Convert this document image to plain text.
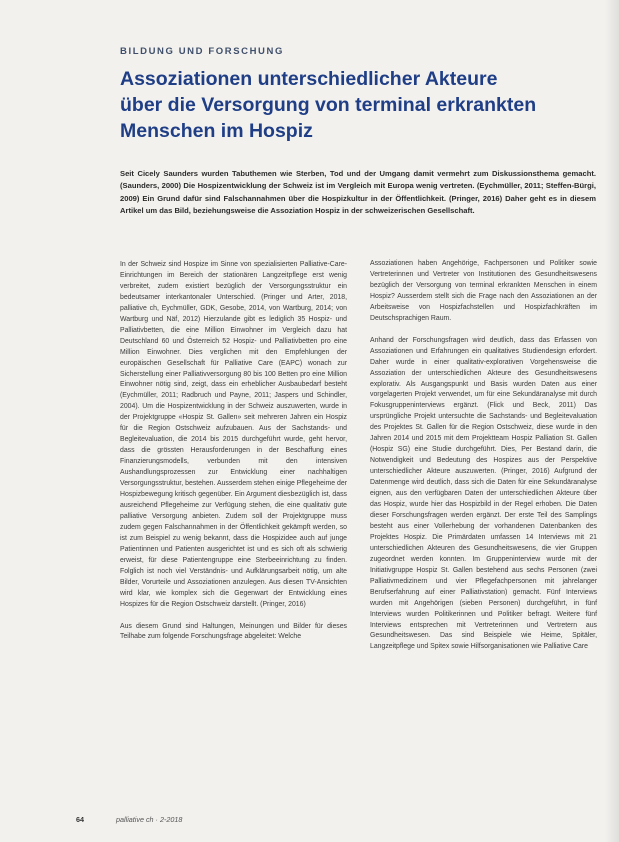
BILDUNG UND FORSCHUNG
Assoziationen unterschiedlicher Akteure
über die Versorgung von terminal erkrankten
Menschen im Hospiz
Seit Cicely Saunders wurden Tabuthemen wie Sterben, Tod und der Umgang damit vermehrt zum Diskussionsthema gemacht. (Saunders, 2000) Die Hospizentwicklung der Schweiz ist im Vergleich mit Europa wenig vertreten. (Eychmüller, 2011; Steffen-Bürgi, 2009) Ein Grund dafür sind Falschannahmen über die Hospizkultur in der Öffentlichkeit. (Pringer, 2016) Daher geht es in diesem Artikel um das Bild, beziehungsweise die Assoziation Hospiz in der schweizerischen Gesellschaft.

In der Schweiz sind Hospize im Sinne von spezialisierten Palliative-Care-Einrichtungen im Bereich der stationären Langzeitpflege erst wenig verbreitet, zudem existiert bezüglich der Versorgungsstruktur ein bedeutsamer interkantonaler Unterschied. (Pringer und Arter, 2018, palliative ch, Eychmüller, GDK, Gesobe, 2014, von Wartburg, 2014; von Wartburg und Näf, 2012) Hierzulande gibt es lediglich 35 Hospiz- und Palliativbetten, die eine Million Einwohner im Vergleich dazu hat Deutschland 60 und Österreich 52 Hospiz- und Palliativbetten pro eine Million Einwohner. Dies verglichen mit den Empfehlungen der europäischen Gesellschaft für Palliative Care (EAPC) wonach zur Sicherstellung einer Palliativversorgung 80 bis 100 Betten pro eine Million Einwohner nötig sind, zeigt, dass ein erheblicher Ausbaubedarf besteht (Eychmüller, 2011; Radbruch und Payne, 2011; Jaspers und Schindler, 2004). Um die Hospizentwicklung in der Schweiz auszuwerten, wurde in der Projektgruppe «Hospiz St. Gallen» seit mehreren Jahren ein Hospiz für die Region Ostschweiz aufzubauen. Aus der Sachstands- und Begleitevaluation, die 2014 bis 2015 durchgeführt wurde, geht hervor, dass die grössten Herausforderungen in der Beschaffung eines Finanzierungsmodells, verbunden mit den intensiven Aushandlungsprozessen zur Entwicklung einer nachhaltigen Versorgungsstruktur, bestehen. Ausserdem stehen einige Pflegeheime der Hospizbewegung kritisch gegenüber. Ein Argument diesbezüglich ist, dass ausreichend Pflegeheime zur Verfügung stehen, die eine qualitativ gute palliative Versorgung anbieten. Zudem soll der Projektgruppe muss zudem gegen Falschannahmen in der Öffentlichkeit gekämpft werden, so ist zum Beispiel zu wenig bekannt, dass die Hospizidee auch auf junge Patientinnen und Patienten ausgerichtet ist und es sich oft als schwierig erweist, für diese Patientengruppe eine Sterbeeinrichtung zu finden. Folglich ist noch viel Verständnis- und Aufklärungsarbeit nötig, um alte Bilder, Vorurteile und Assoziationen anzulegen. Aus diesen TV-Ansichten wird klar, wie komplex sich die Gegenwart der Entwicklung eines Hospizes für die Region Ostschweiz darstellt. (Pringer, 2016)

Aus diesem Grund sind Haltungen, Meinungen und Bilder für dieses Teilhabe zum folgende Forschungsfrage abgeleitet: Welche

Assoziationen haben Angehörige, Fachpersonen und Politiker sowie Vertreterinnen und Vertreter von Institutionen des Gesundheitswesens bezüglich der Versorgung von terminal erkrankten Menschen in einem Hospiz? Ausserdem stellt sich die Frage nach den Assoziationen an der Arbeitsweise von Hospizfachstellen und Hospizfachkräften im Deutschsprachigen Raum.

Anhand der Forschungsfragen wird deutlich, dass das Erfassen von Assoziationen und Erfahrungen ein qualitatives Studiendesign erfordert. Daher wurde in einer qualitativ-explorativen Vorgehensweise die Assoziation der unterschiedlichen Akteure des Gesundheitswesens explorativ. Als Ausgangspunkt und Basis wurden Daten aus einer vorgelagerten Projekt verwendet, um für eine Sekundäranalyse mit durch Fokusgruppeninterviews ergänzt. (Flick und Beck, 2011) Das ursprüngliche Projekt untersuchte die Sachstands- und Begleitevaluation des Projektes St. Gallen für die Region Ostschweiz, diese wurde in den Jahren 2014 und 2015 mit dem Projektteam Hospiz Palliation St. Gallen (Hospiz SG) eine Studie durchgeführt. Dies, Per Bestand darin, die Notwendigkeit und Bedeutung des Hospizes aus der Perspektive unterschiedlicher Akteure auszuwerten. (Pringer, 2016) Aufgrund der Datenmenge wird deutlich, dass sich die Daten für eine Sekundäranalyse eignen, aus den verfügbaren Daten der unterschiedlichen Akteure über das Hospiz, wurde hier das Hospizbild in der Regel erhoben. Die Daten dieser Forschungsfragen werden ergänzt. Der erste Teil des Samplings besteht aus einer Vollerhebung der vorhandenen Datenbanken des Projektes Hospiz. Die Primärdaten umfassen 14 Interviews mit 21 unterschiedlichen Akteuren des Gesundheitswesens, die vier Gruppen zugeordnet werden konnten. Im Gruppeninterview wurde mit der Initiativgruppe Hospiz St. Gallen bestehend aus sechs Personen (zwei Palliativmedizinern und vier Pflegefachpersonen mit jahrelanger Berufserfahrung auf einer Palliativstation) gemacht. Fünf Interviews wurden mit Angehörigen (sieben Personen) durchgeführt, in fünf Interviews wurden Politikerinnen und Politiker befragt. Weitere fünf Interviews entsprechen mit Vertreterinnen und Vertretern aus Gesundheitswesen. Das sind Beispiele wie Heime, Spitäler, Langzeitpflege und Spitex sowie Hilfsorganisationen wie Palliative Care

64	palliative ch · 2-2018
